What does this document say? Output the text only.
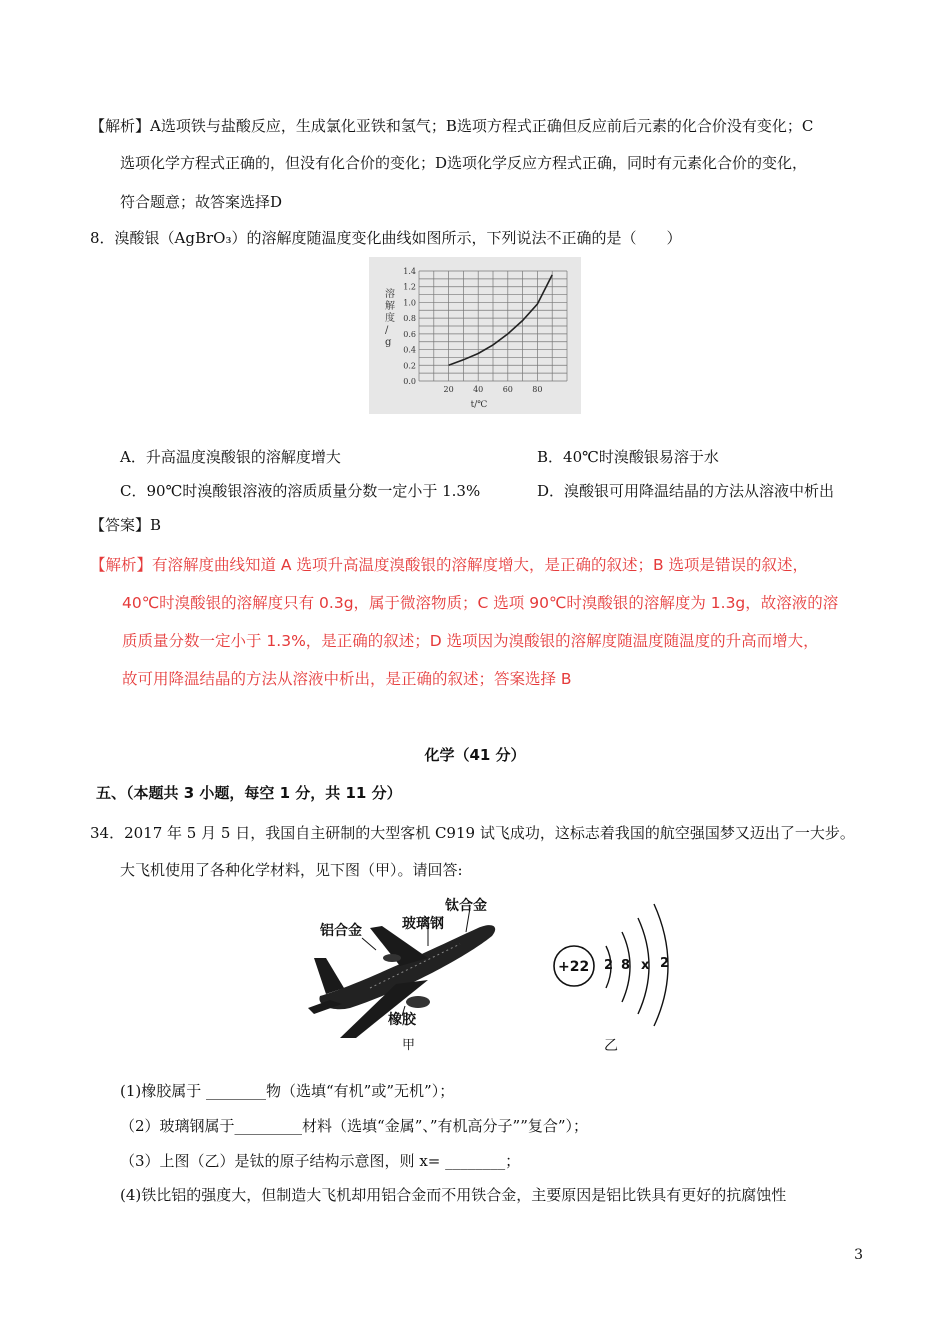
【解析】A选项铁与盐酸反应，生成氯化亚铁和氢气；B选项方程式正确但反应前后元素的化合价没有变化；C
选项化学方程式正确的，但没有化合价的变化；D选项化学反应方程式正确，同时有元素化合价的变化，
符合题意；故答案选择D
8．溴酸银（AgBrO₃）的溶解度随温度变化曲线如图所示，下列说法不正确的是（　　）
1.4
1.2
1.0
0.8
0.6
0.4
0.2
0.0
20 40 60 80
溶解度/ g
t/℃
A．升高温度溴酸银的溶解度增大	B．40℃时溴酸银易溶于水
C．90℃时溴酸银溶液的溶质质量分数一定小于 1.3%	D．溴酸银可用降温结晶的方法从溶液中析出
【答案】B
【解析】有溶解度曲线知道 A 选项升高温度溴酸银的溶解度增大，是正确的叙述；B 选项是错误的叙述，
40℃时溴酸银的溶解度只有 0.3g，属于微溶物质；C 选项 90℃时溴酸银的溶解度为 1.3g，故溶液的溶
质质量分数一定小于 1.3%，是正确的叙述；D 选项因为溴酸银的溶解度随温度随温度的升高而增大，
故可用降温结晶的方法从溶液中析出，是正确的叙述；答案选择 B
化学（41 分）
五、（本题共 3 小题，每空 1 分，共 11 分）
34．2017 年 5 月 5 日，我国自主研制的大型客机 C919 试飞成功，这标志着我国的航空强国梦又迈出了一大步。
大飞机使用了各种化学材料，见下图（甲）。请回答:
铝合金	玻璃钢
钛合金
橡胶
甲
+22 2 8 x 2
乙
(1)橡胶属于 ________物（选填“有机”或”无机”）；
（2）玻璃钢属于_________材料（选填“金属”、”有机高分子””复合”）；
（3）上图（乙）是钛的原子结构示意图，则 x= ________；
(4)铁比铝的强度大，但制造大飞机却用铝合金而不用铁合金，主要原因是铝比铁具有更好的抗腐蚀性
3
